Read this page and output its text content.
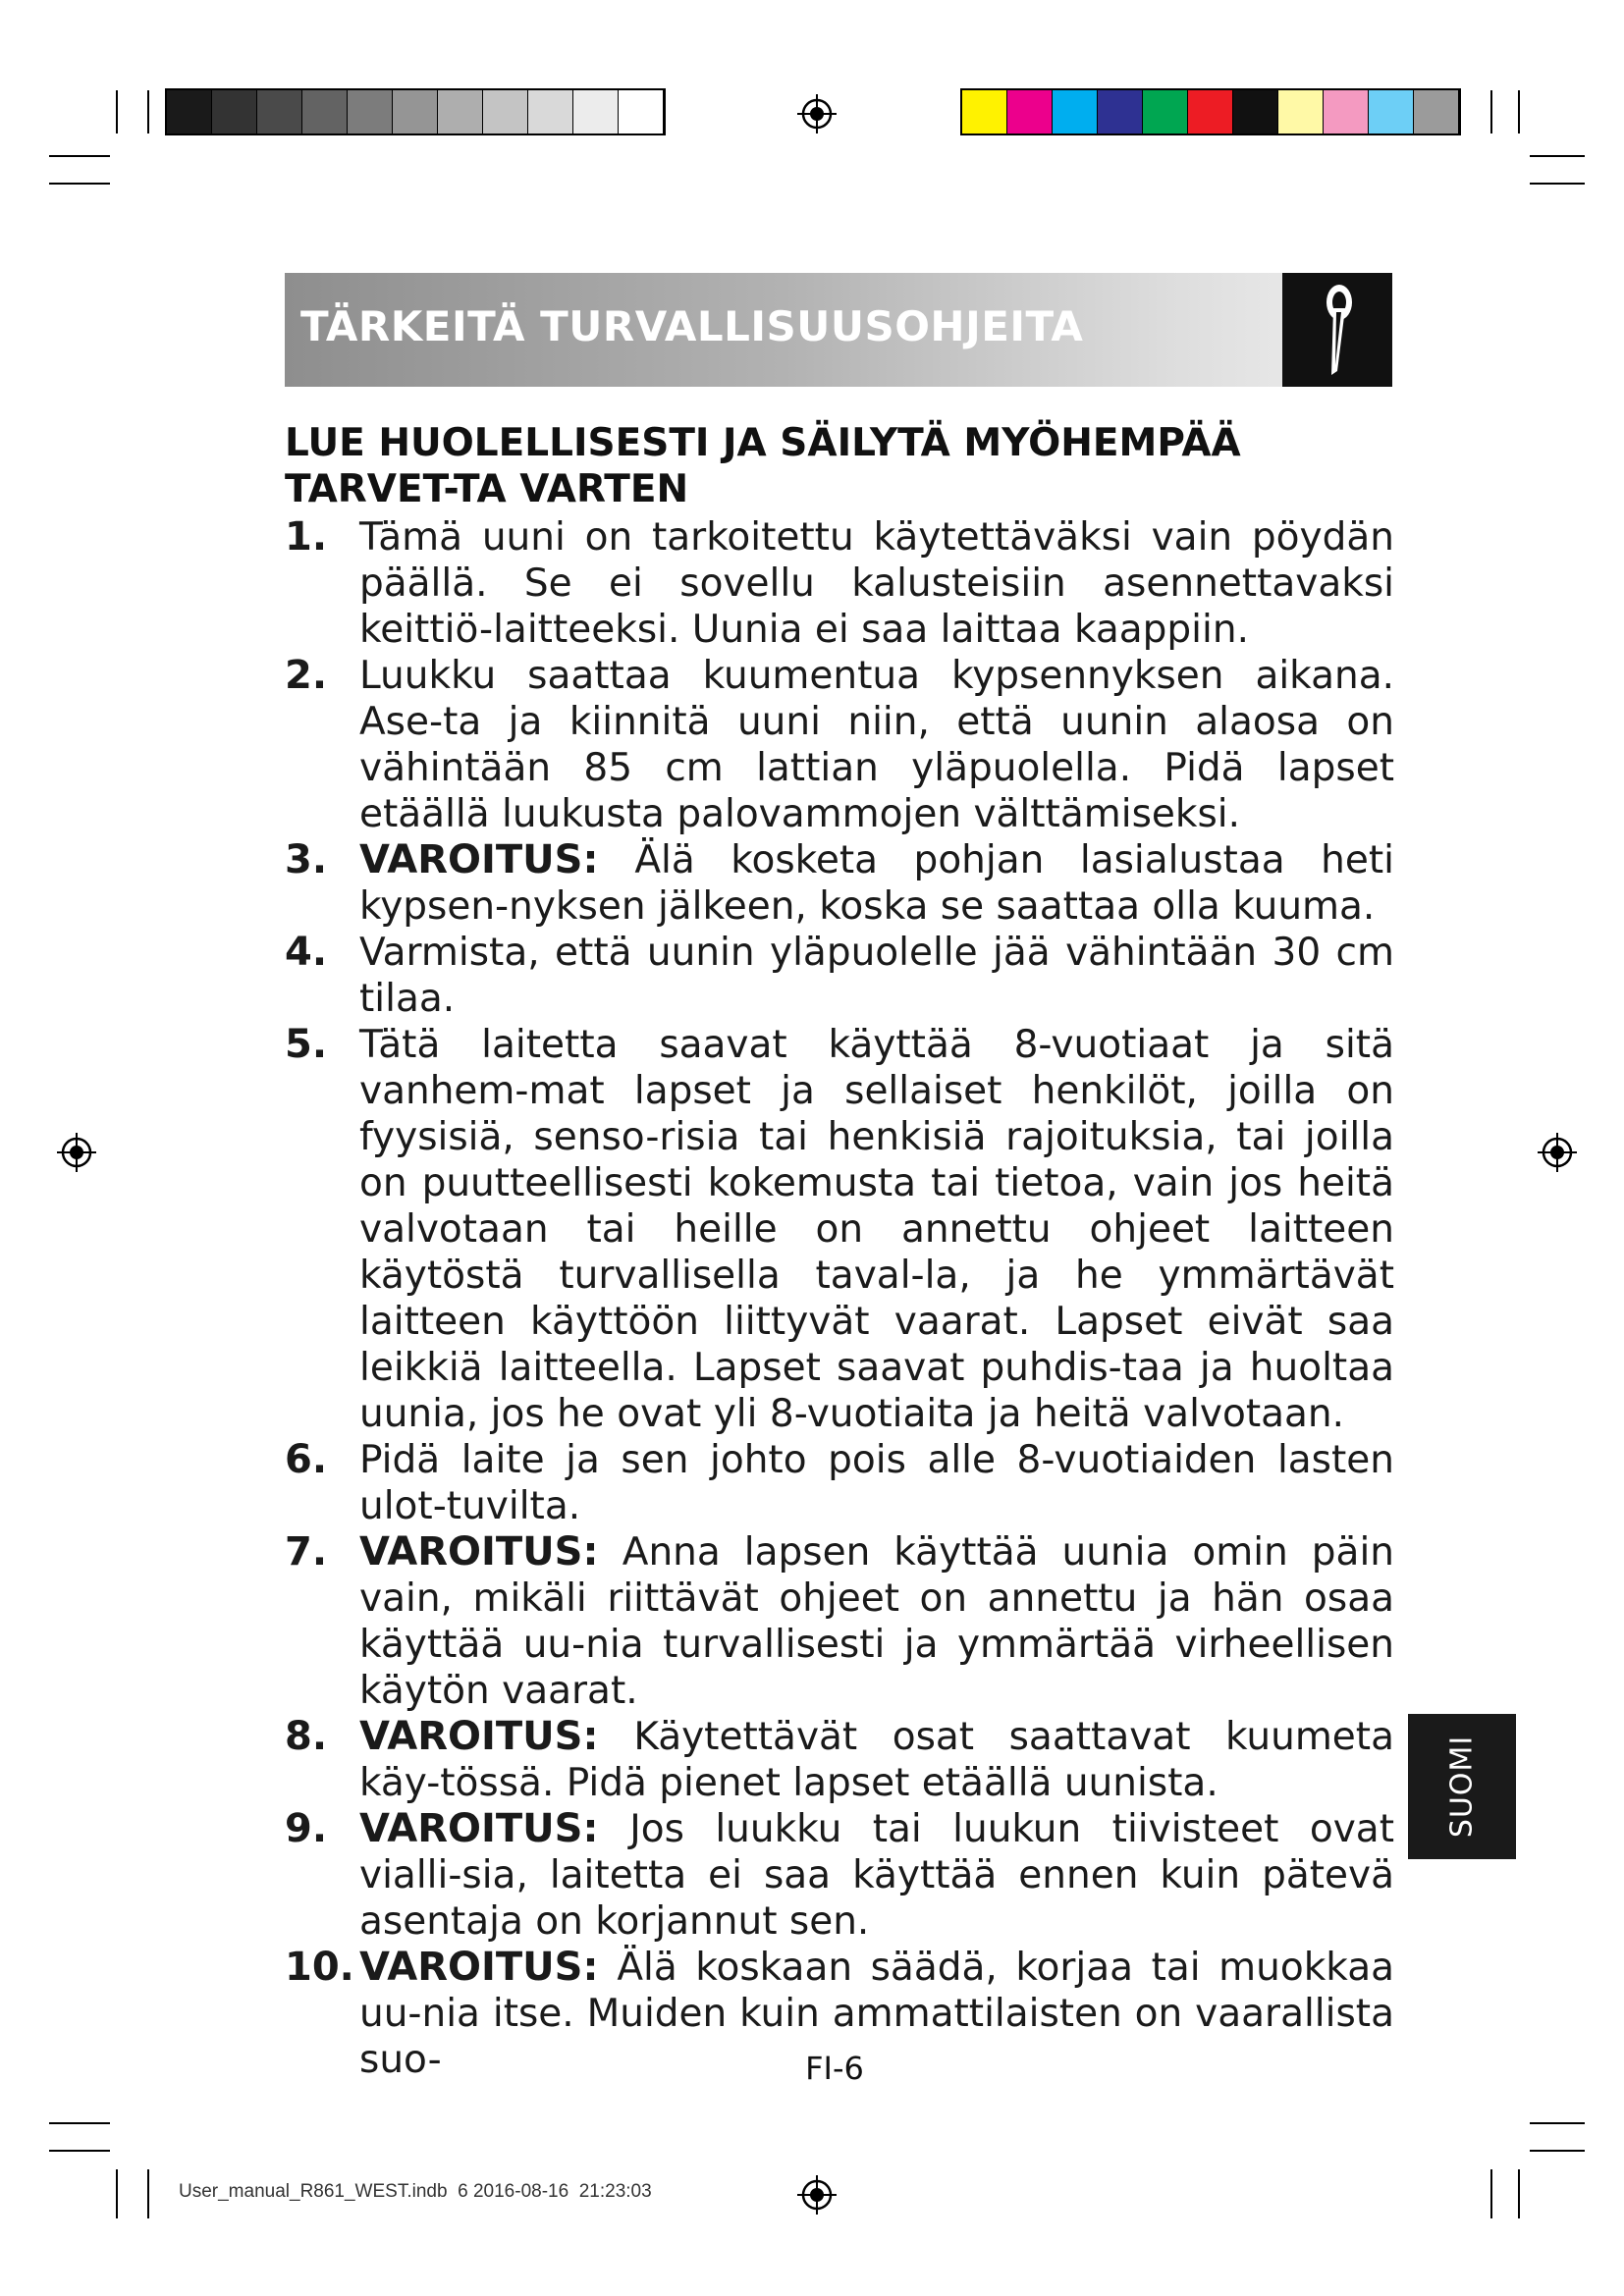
TÄRKEITÄ TURVALLISUUSOHJEITA
LUE HUOLELLISESTI JA SÄILYTÄ MYÖHEMPÄÄ TARVET-TA VARTEN

1. Tämä uuni on tarkoitettu käytettäväksi vain pöydän päällä. Se ei sovellu kalusteisiin asennettavaksi keittiö-laitteeksi. Uunia ei saa laittaa kaappiin.

2. Luukku saattaa kuumentua kypsennyksen aikana. Ase-ta ja kiinnitä uuni niin, että uunin alaosa on vähintään 85 cm lattian yläpuolella. Pidä lapset etäällä luukusta palovammojen välttämiseksi.

3. VAROITUS: Älä kosketa pohjan lasialustaa heti kypsen-nyksen jälkeen, koska se saattaa olla kuuma.

4. Varmista, että uunin yläpuolelle jää vähintään 30 cm tilaa.

5. Tätä laitetta saavat käyttää 8-vuotiaat ja sitä vanhem-mat lapset ja sellaiset henkilöt, joilla on fyysisiä, senso-risia tai henkisiä rajoituksia, tai joilla on puutteellisesti kokemusta tai tietoa, vain jos heitä valvotaan tai heille on annettu ohjeet laitteen käytöstä turvallisella taval-la, ja he ymmärtävät laitteen käyttöön liittyvät vaarat. Lapset eivät saa leikkiä laitteella. Lapset saavat puhdis-taa ja huoltaa uunia, jos he ovat yli 8-vuotiaita ja heitä valvotaan.

6. Pidä laite ja sen johto pois alle 8-vuotiaiden lasten ulot-tuvilta.

7. VAROITUS: Anna lapsen käyttää uunia omin päin vain, mikäli riittävät ohjeet on annettu ja hän osaa käyttää uu-nia turvallisesti ja ymmärtää virheellisen käytön vaarat.

8. VAROITUS: Käytettävät osat saattavat kuumeta käy-tössä. Pidä pienet lapset etäällä uunista.

9. VAROITUS: Jos luukku tai luukun tiivisteet ovat vialli-sia, laitetta ei saa käyttää ennen kuin pätevä asentaja on korjannut sen.

10. VAROITUS: Älä koskaan säädä, korjaa tai muokkaa uu-nia itse. Muiden kuin ammattilaisten on vaarallista suo-

SUOMI
FI-6
User_manual_R861_WEST.indb 6 2016-08-16 21:23:03
